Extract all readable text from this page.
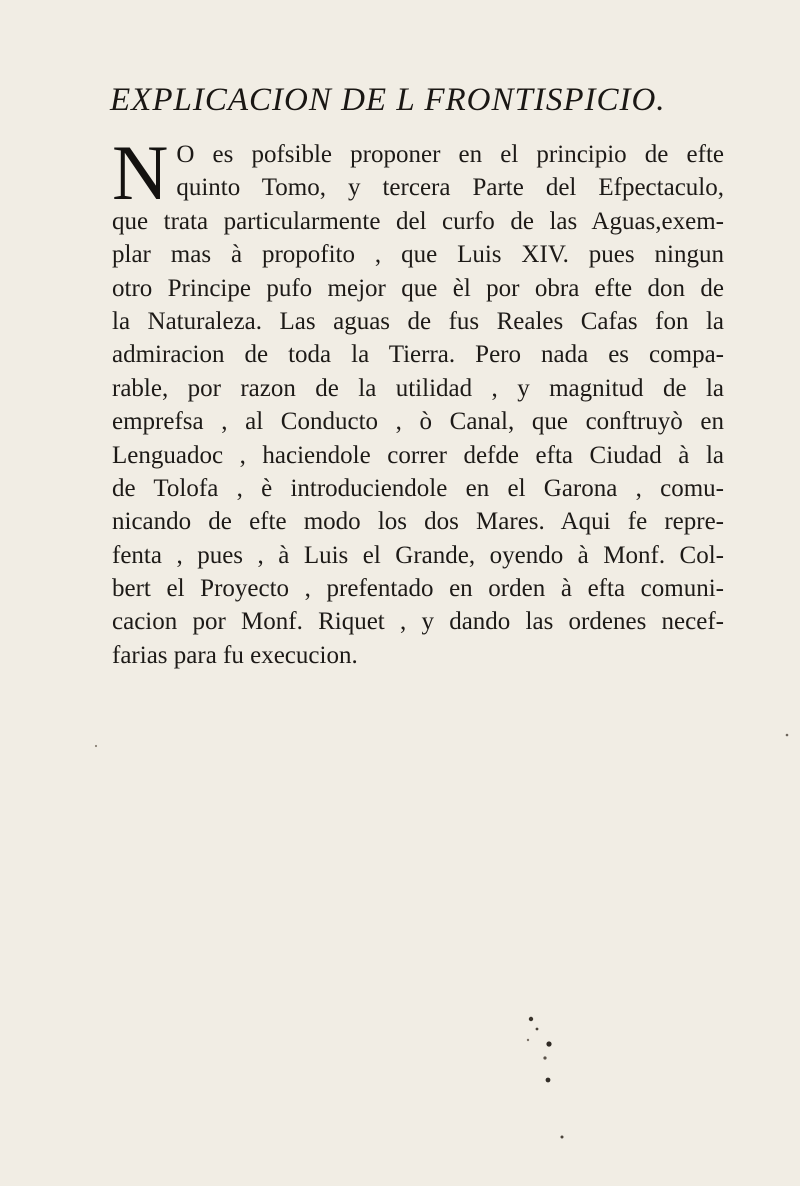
EXPLICACION DE L FRONTISPICIO.
N O es pofsible proponer en el principio de efte
quinto Tomo, y tercera Parte del Efpectaculo,
que trata particularmente del curfo de las Aguas,exem-
plar mas à propofito , que Luis XIV. pues ningun
otro Principe pufo mejor que èl por obra efte don de
la Naturaleza. Las aguas de fus Reales Cafas fon la
admiracion de toda la Tierra. Pero nada es compa-
rable, por razon de la utilidad , y magnitud de la
emprefsa , al Conducto , ò Canal, que conftruyò en
Lenguadoc , haciendole correr defde efta Ciudad à la
de Tolofa , è introduciendole en el Garona , comu-
nicando de efte modo los dos Mares. Aqui fe repre-
fenta , pues , à Luis el Grande, oyendo à Monf. Col-
bert el Proyecto , prefentado en orden à efta comuni-
cacion por Monf. Riquet , y dando las ordenes necef-
farias para fu execucion.
